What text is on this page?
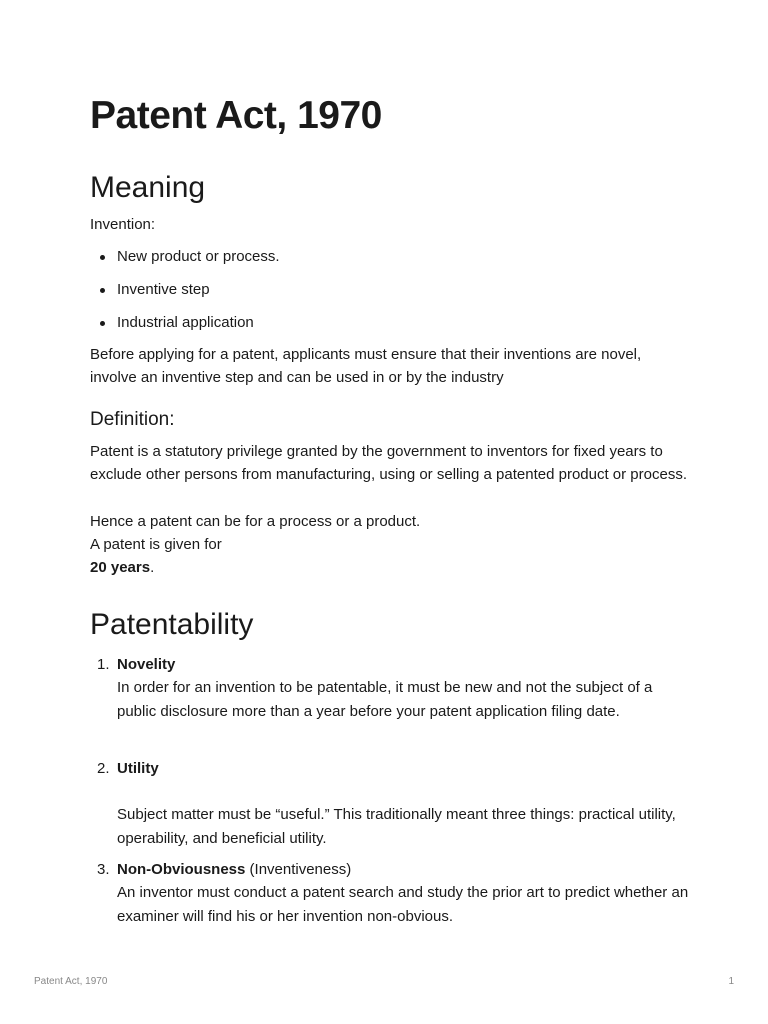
Patent Act, 1970
Meaning

Invention:

New product or process.

Inventive step

Industrial application

Before applying for a patent, applicants must ensure that their inventions are novel, involve an inventive step and can be used in or by the industry

Definition:

Patent is a statutory privilege granted by the government to inventors for fixed years to exclude other persons from manufacturing, using or selling a patented product or process.

Hence a patent can be for a process or a product.

A patent is given for

20 years.

Patentability
1. Novelity
In order for an invention to be patentable, it must be new and not the subject of a public disclosure more than a year before your patent application filing date.
2. Utility
Subject matter must be “useful.” This traditionally meant three things: practical utility, operability, and beneficial utility.
3. Non-Obviousness (Inventiveness)
An inventor must conduct a patent search and study the prior art to predict whether an examiner will find his or her invention non-obvious.
Patent Act, 1970	1
